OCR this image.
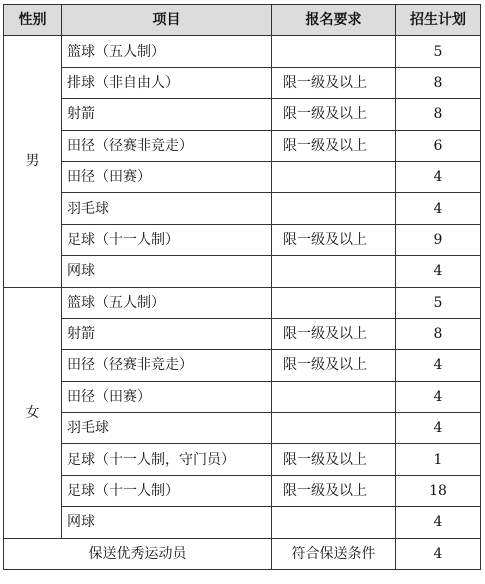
性别	项目	报名要求	招生计划
男	篮球（五人制）		5
	排球（非自由人）	限一级及以上	8
	射箭	限一级及以上	8
	田径（径赛非竞走）	限一级及以上	6
	田径（田赛）		4
	羽毛球		4
	足球（十一人制）	限一级及以上	9
	网球		4
女	篮球（五人制）		5
	射箭	限一级及以上	8
	田径（径赛非竞走）	限一级及以上	4
	田径（田赛）		4
	羽毛球		4
	足球（十一人制，守门员）	限一级及以上	1
	足球（十一人制）	限一级及以上	18
	网球		4
保送优秀运动员		符合保送条件	4
